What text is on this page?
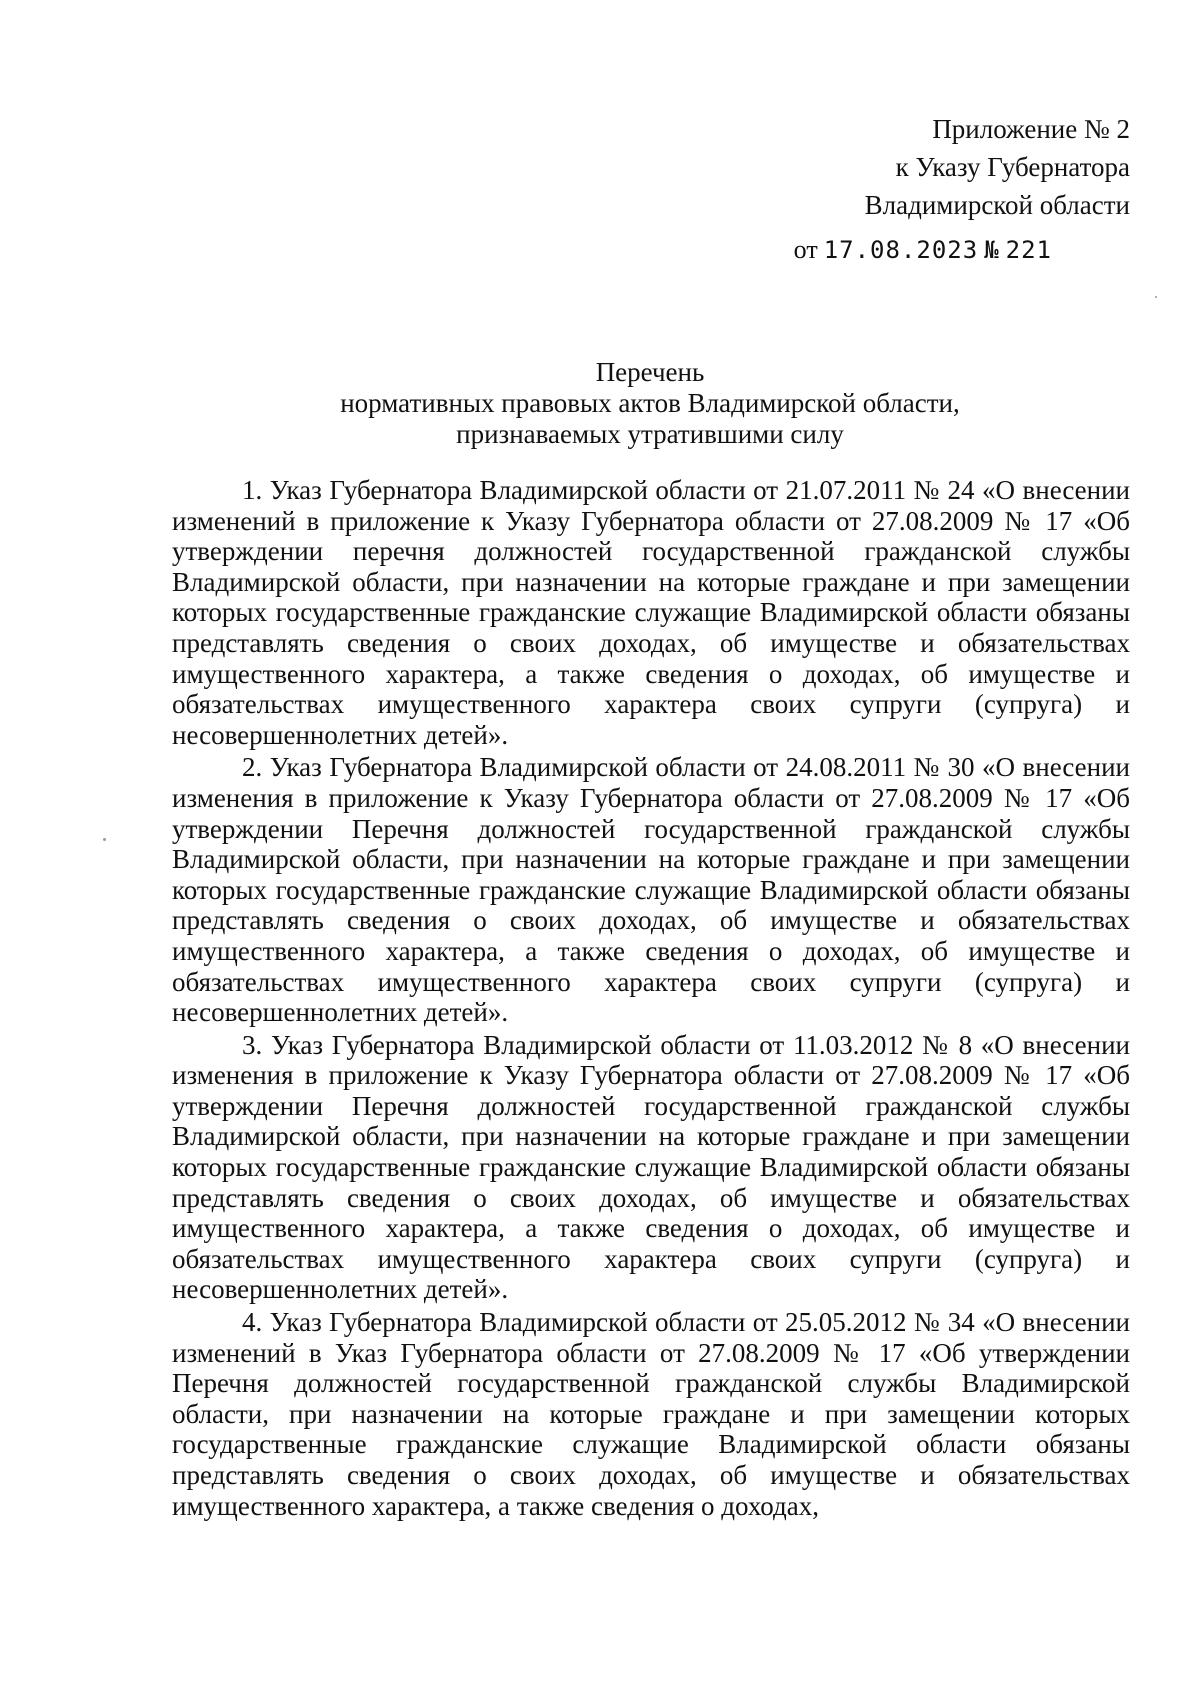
Приложение № 2
к Указу Губернатора
Владимирской области
от 17.08.2023 № 221
Перечень
нормативных правовых актов Владимирской области,
признаваемых утратившими силу

1. Указ Губернатора Владимирской области от 21.07.2011 № 24 «О внесении изменений в приложение к Указу Губернатора области от 27.08.2009 № 17 «Об утверждении перечня должностей государственной гражданской службы Владимирской области, при назначении на которые граждане и при замещении которых государственные гражданские служащие Владимирской области обязаны представлять сведения о своих доходах, об имуществе и обязательствах имущественного характера, а также сведения о доходах, об имуществе и обязательствах имущественного характера своих супруги (супруга) и несовершеннолетних детей».

2. Указ Губернатора Владимирской области от 24.08.2011 № 30 «О внесении изменения в приложение к Указу Губернатора области от 27.08.2009 № 17 «Об утверждении Перечня должностей государственной гражданской службы Владимирской области, при назначении на которые граждане и при замещении которых государственные гражданские служащие Владимирской области обязаны представлять сведения о своих доходах, об имуществе и обязательствах имущественного характера, а также сведения о доходах, об имуществе и обязательствах имущественного характера своих супруги (супруга) и несовершеннолетних детей».

3. Указ Губернатора Владимирской области от 11.03.2012 № 8 «О внесении изменения в приложение к Указу Губернатора области от 27.08.2009 № 17 «Об утверждении Перечня должностей государственной гражданской службы Владимирской области, при назначении на которые граждане и при замещении которых государственные гражданские служащие Владимирской области обязаны представлять сведения о своих доходах, об имуществе и обязательствах имущественного характера, а также сведения о доходах, об имуществе и обязательствах имущественного характера своих супруги (супруга) и несовершеннолетних детей».

4. Указ Губернатора Владимирской области от 25.05.2012 № 34 «О внесении изменений в Указ Губернатора области от 27.08.2009 № 17 «Об утверждении Перечня должностей государственной гражданской службы Владимирской области, при назначении на которые граждане и при замещении которых государственные гражданские служащие Владимирской области обязаны представлять сведения о своих доходах, об имуществе и обязательствах имущественного характера, а также сведения о доходах,
